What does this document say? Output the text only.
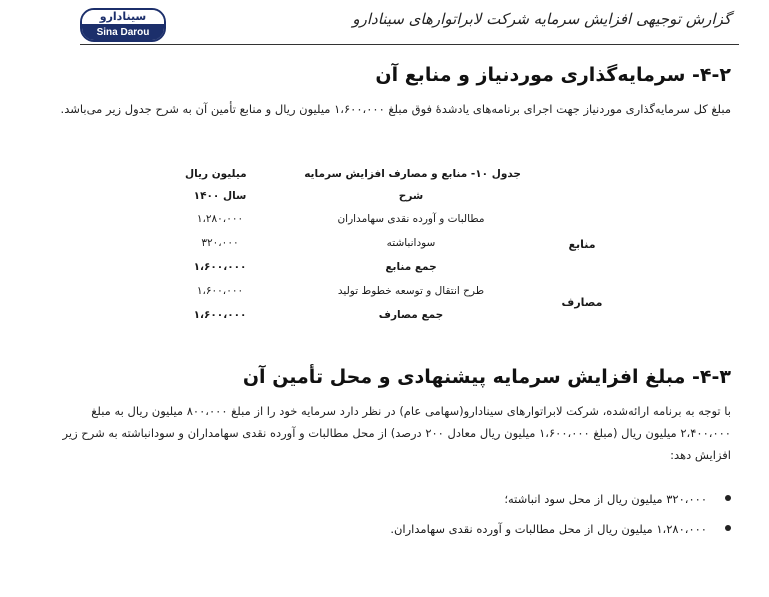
گزارش توجیهی افزایش سرمایه شرکت لابراتوارهای سینادارو
سینادارو
Sina Darou
۴-۲- سرمایه‌گذاری موردنیاز و منابع آن
مبلغ کل سرمایه‌گذاری موردنیاز جهت اجرای برنامه‌های یادشدهٔ فوق مبلغ ۱،۶۰۰،۰۰۰ میلیون ریال و منابع تأمین آن به شرح جدول زیر می‌باشد.
جدول ۱۰- منابع و مصارف افزایش سرمایه
میلیون ریال
شرح
سال ۱۴۰۰
مطالبات و آورده نقدی سهامداران
۱،۲۸۰،۰۰۰
سودانباشته
۳۲۰،۰۰۰
جمع منابع
۱،۶۰۰،۰۰۰
طرح انتقال و توسعه خطوط تولید
۱،۶۰۰،۰۰۰
جمع مصارف
۱،۶۰۰،۰۰۰
منابع
مصارف
۴-۳- مبلغ افزایش سرمایه پیشنهادی و محل تأمین آن
با توجه به برنامه ارائه‌شده، شرکت لابراتوارهای سینادارو(سهامی عام) در نظر دارد سرمایه خود را از مبلغ ۸۰۰،۰۰۰ میلیون ریال به مبلغ ۲،۴۰۰،۰۰۰ میلیون ریال (مبلغ ۱،۶۰۰،۰۰۰ میلیون ریال معادل ۲۰۰ درصد) از محل مطالبات و آورده نقدی سهامداران و سودانباشته به شرح زیر افزایش دهد:
۳۲۰،۰۰۰ میلیون ریال از محل سود انباشته؛
۱،۲۸۰،۰۰۰ میلیون ریال از محل مطالبات و آورده نقدی سهامداران.
